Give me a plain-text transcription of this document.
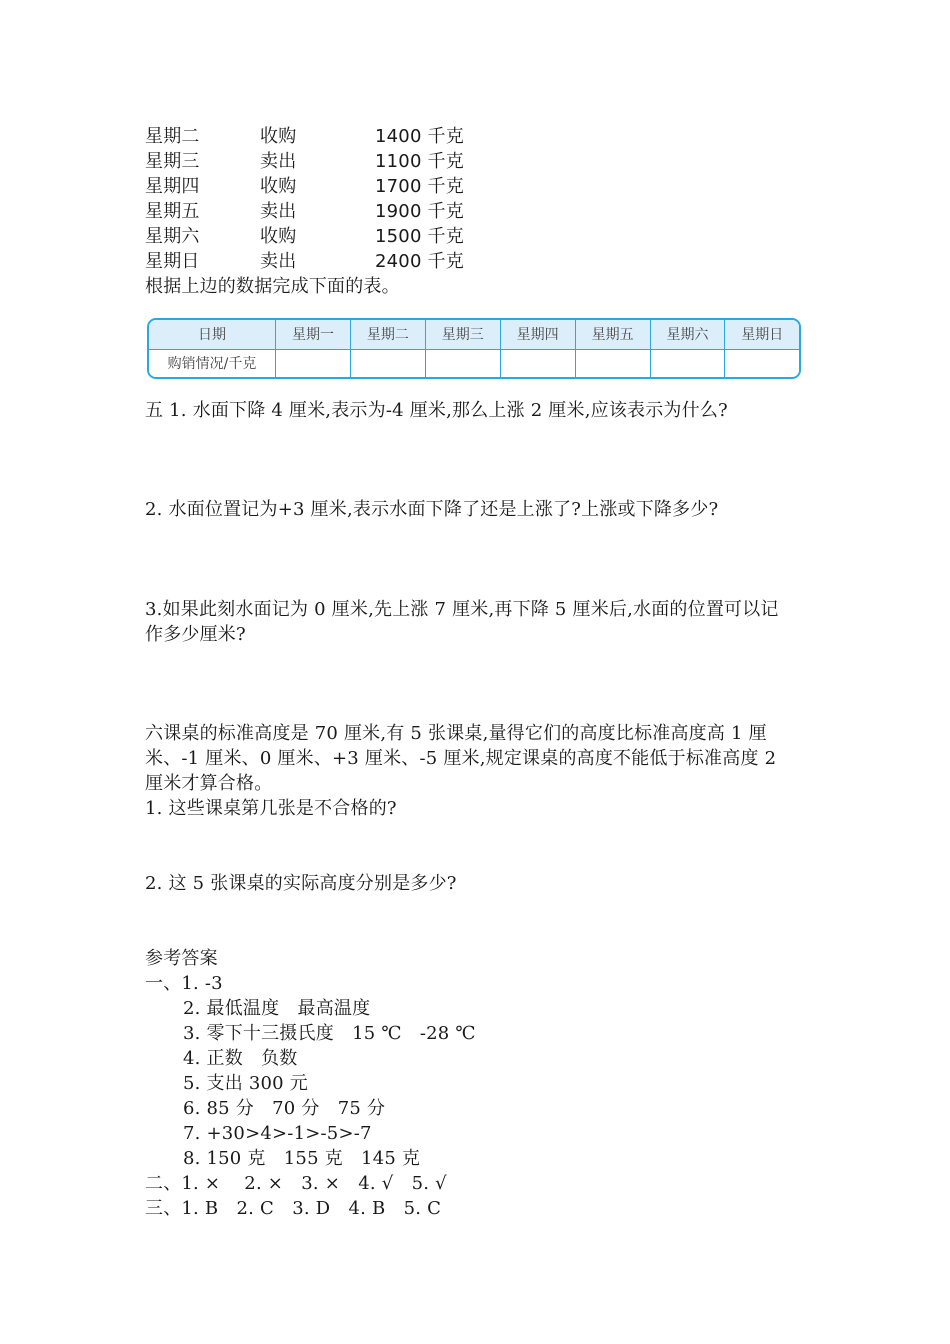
星期二	收购	1400 千克
星期三	卖出	1100 千克
星期四	收购	1700 千克
星期五	卖出	1900 千克
星期六	收购	1500 千克
星期日	卖出	2400 千克
根据上边的数据完成下面的表。
日期	星期一	星期二	星期三	星期四	星期五	星期六	星期日
购销情况/千克							
五 1. 水面下降 4 厘米,表示为-4 厘米,那么上涨 2 厘米,应该表示为什么?
2. 水面位置记为+3 厘米,表示水面下降了还是上涨了?上涨或下降多少?
3.如果此刻水面记为 0 厘米,先上涨 7 厘米,再下降 5 厘米后,水面的位置可以记
作多少厘米?
六课桌的标准高度是 70 厘米,有 5 张课桌,量得它们的高度比标准高度高 1 厘
米、-1 厘米、0 厘米、+3 厘米、-5 厘米,规定课桌的高度不能低于标准高度 2
厘米才算合格。
1. 这些课桌第几张是不合格的?
2. 这 5 张课桌的实际高度分别是多少?
参考答案
一、1. -3
2. 最低温度　最高温度
3. 零下十三摄氏度　15 ℃　-28 ℃
4. 正数　负数
5. 支出 300 元
6. 85 分　70 分　75 分
7. +30>4>-1>-5>-7
8. 150 克　155 克　145 克
二、1. ×　 2. ×　3. ×　4. √　5. √
三、1. B　2. C　3. D　4. B　5. C
